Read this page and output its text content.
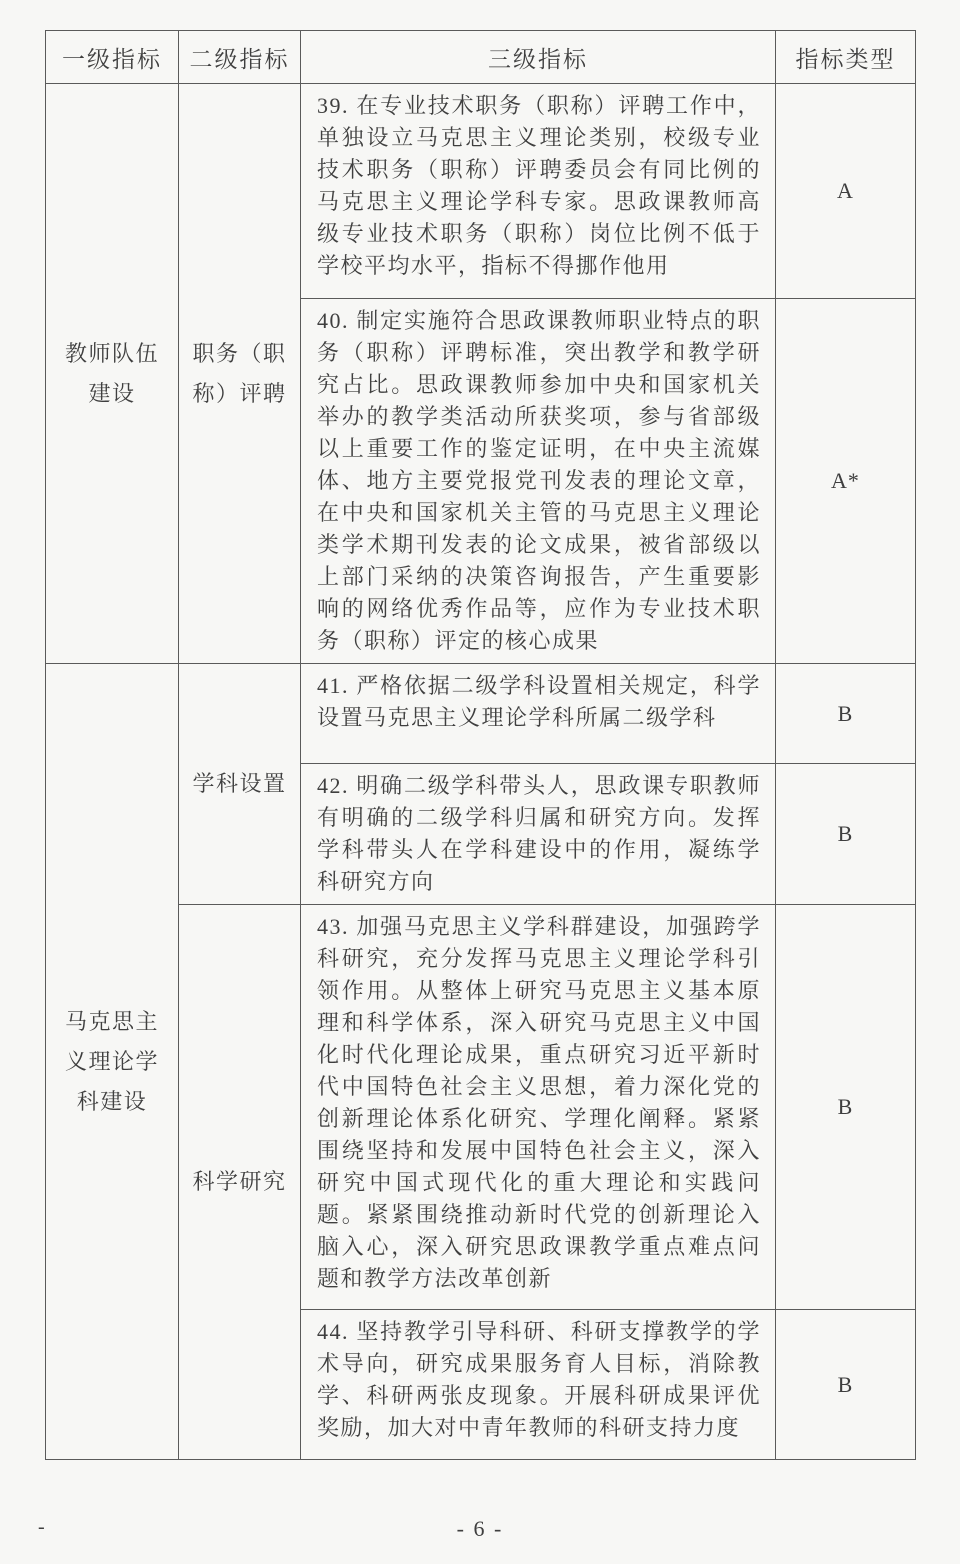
一级指标	二级指标	三级指标	指标类型
教师队伍建设	职务（职称）评聘	39. 在专业技术职务（职称）评聘工作中，单独设立马克思主义理论类别，校级专业技术职务（职称）评聘委员会有同比例的马克思主义理论学科专家。思政课教师高级专业技术职务（职称）岗位比例不低于学校平均水平，指标不得挪作他用	A
		40. 制定实施符合思政课教师职业特点的职务（职称）评聘标准，突出教学和教学研究占比。思政课教师参加中央和国家机关举办的教学类活动所获奖项，参与省部级以上重要工作的鉴定证明，在中央主流媒体、地方主要党报党刊发表的理论文章，在中央和国家机关主管的马克思主义理论类学术期刊发表的论文成果，被省部级以上部门采纳的决策咨询报告，产生重要影响的网络优秀作品等，应作为专业技术职务（职称）评定的核心成果	A*
马克思主义理论学科建设	学科设置	41. 严格依据二级学科设置相关规定，科学设置马克思主义理论学科所属二级学科	B
		42. 明确二级学科带头人，思政课专职教师有明确的二级学科归属和研究方向。发挥学科带头人在学科建设中的作用，凝练学科研究方向	B
	科学研究	43. 加强马克思主义学科群建设，加强跨学科研究，充分发挥马克思主义理论学科引领作用。从整体上研究马克思主义基本原理和科学体系，深入研究马克思主义中国化时代化理论成果，重点研究习近平新时代中国特色社会主义思想，着力深化党的创新理论体系化研究、学理化阐释。紧紧围绕坚持和发展中国特色社会主义，深入研究中国式现代化的重大理论和实践问题。紧紧围绕推动新时代党的创新理论入脑入心，深入研究思政课教学重点难点问题和教学方法改革创新	B
		44. 坚持教学引导科研、科研支撑教学的学术导向，研究成果服务育人目标，消除教学、科研两张皮现象。开展科研成果评优奖励，加大对中青年教师的科研支持力度	B
-	- 6 -
